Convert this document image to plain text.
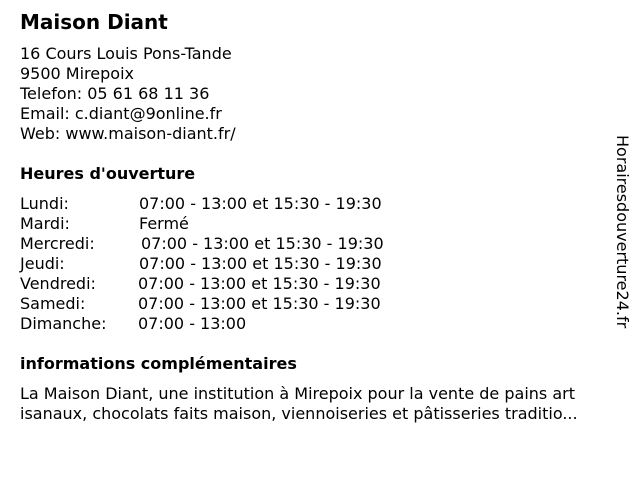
Maison Diant
16 Cours Louis Pons-Tande
9500 Mirepoix
Telefon: 05 61 68 11 36
Email: c.diant@9online.fr
Web: www.maison-diant.fr/
Heures d'ouverture
Lundi:	07:00 - 13:00 et 15:30 - 19:30
Mardi:	Fermé
Mercredi:	07:00 - 13:00 et 15:30 - 19:30
Jeudi:	07:00 - 13:00 et 15:30 - 19:30
Vendredi:	07:00 - 13:00 et 15:30 - 19:30
Samedi:	07:00 - 13:00 et 15:30 - 19:30
Dimanche: 07:00 - 13:00
informations complémentaires
La Maison Diant, une institution à Mirepoix pour la vente de pains art
isanaux, chocolats faits maison, viennoiseries et pâtisseries traditio...
Horairesdouverture24.fr
